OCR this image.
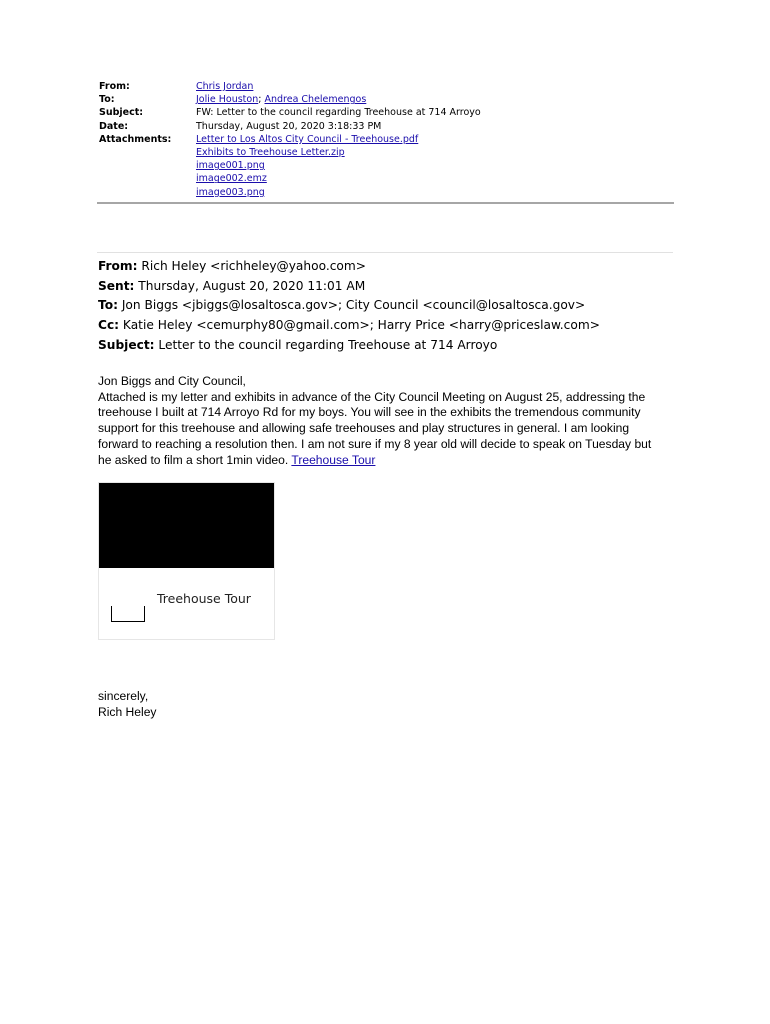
From:	Chris Jordan
To:	Jolie Houston; Andrea Chelemengos
Subject:	FW: Letter to the council regarding Treehouse at 714 Arroyo
Date:	Thursday, August 20, 2020 3:18:33 PM
Attachments:	Letter to Los Altos City Council - Treehouse.pdf
Exhibits to Treehouse Letter.zip
image001.png
image002.emz
image003.png
From: Rich Heley <richheley@yahoo.com>
Sent: Thursday, August 20, 2020 11:01 AM
To: Jon Biggs <jbiggs@losaltosca.gov>; City Council <council@losaltosca.gov>
Cc: Katie Heley <cemurphy80@gmail.com>; Harry Price <harry@priceslaw.com>
Subject: Letter to the council regarding Treehouse at 714 Arroyo

Jon Biggs and City Council,

Attached is my letter and exhibits in advance of the City Council Meeting on August 25, addressing the

treehouse I built at 714 Arroyo Rd for my boys. You will see in the exhibits the tremendous community

support for this treehouse and allowing safe treehouses and play structures in general. I am looking

forward to reaching a resolution then. I am not sure if my 8 year old will decide to speak on Tuesday but

he asked to film a short 1min video. Treehouse Tour

Treehouse Tour

sincerely,

Rich Heley
